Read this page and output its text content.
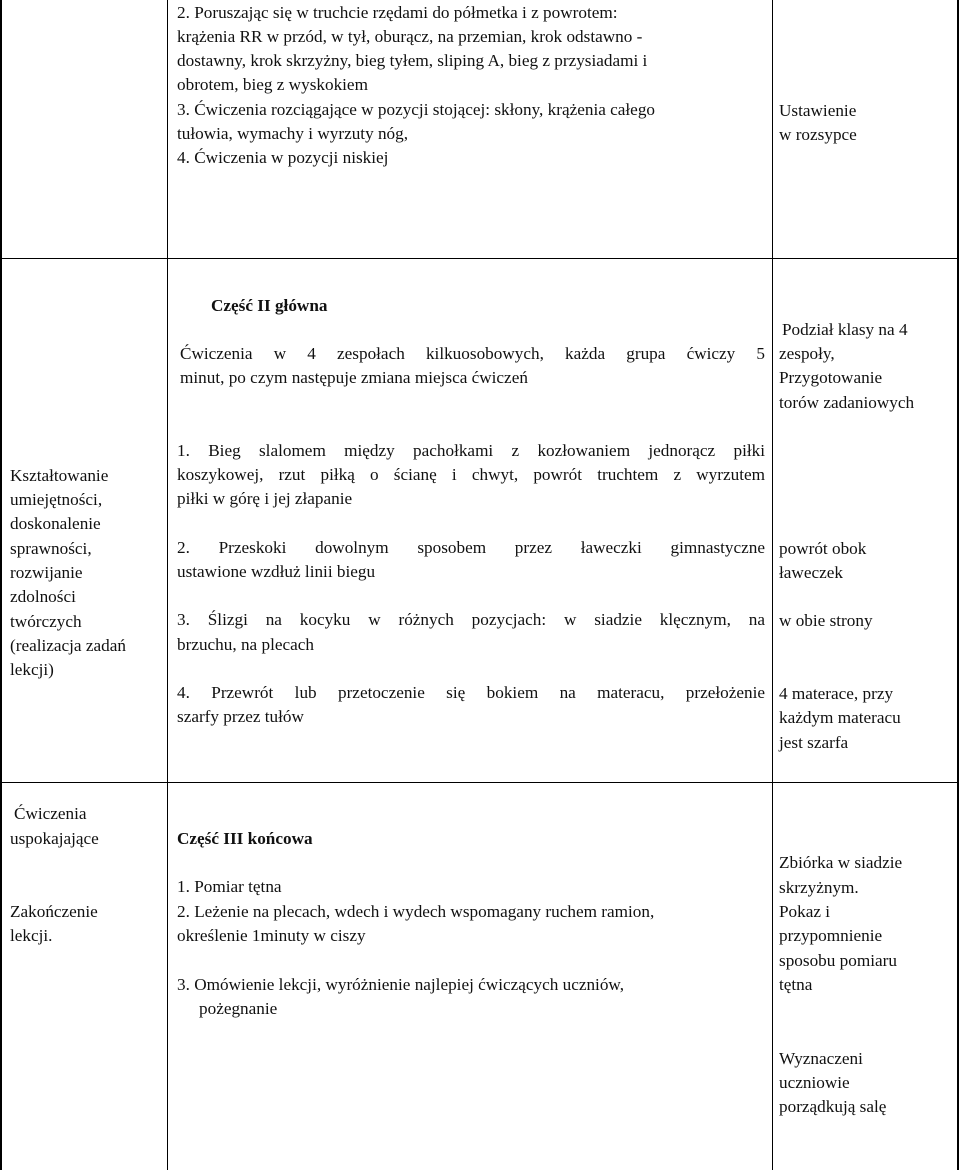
2. Poruszając się w truchcie rzędami do półmetka i z powrotem:
krążenia RR w przód, w tył, oburącz, na przemian, krok odstawno -
dostawny, krok skrzyżny, bieg tyłem, sliping A, bieg z przysiadami i
obrotem, bieg z wyskokiem
3. Ćwiczenia rozciągające w pozycji stojącej: skłony, krążenia całego
tułowia, wymachy i wyrzuty nóg,
4. Ćwiczenia w pozycji niskiej
Ustawienie
w rozsypce
Kształtowanie
umiejętności,
doskonalenie
sprawności,
rozwijanie
zdolności
twórczych
(realizacja zadań
lekcji)
Część II główna
Ćwiczenia w 4 zespołach kilkuosobowych, każda grupa ćwiczy 5
minut, po czym następuje zmiana miejsca ćwiczeń
1. Bieg slalomem między pachołkami z kozłowaniem jednorącz piłki
koszykowej, rzut piłką o ścianę i chwyt, powrót truchtem z wyrzutem
piłki w górę i jej złapanie
2. Przeskoki dowolnym sposobem przez ławeczki gimnastyczne
ustawione wzdłuż linii biegu
3. Ślizgi na kocyku w różnych pozycjach: w siadzie klęcznym, na
brzuchu, na plecach
4. Przewrót lub przetoczenie się bokiem na materacu, przełożenie
szarfy przez tułów
Podział klasy na 4
zespoły,
Przygotowanie
torów zadaniowych
powrót obok
ławeczek
w obie strony
4 materace, przy
każdym materacu
jest szarfa
Ćwiczenia
uspokajające
Zakończenie
lekcji.
Część III końcowa
1. Pomiar tętna
2. Leżenie na plecach, wdech i wydech wspomagany ruchem ramion,
określenie 1minuty w ciszy
3. Omówienie lekcji, wyróżnienie najlepiej ćwiczących uczniów,
pożegnanie
Zbiórka w siadzie
skrzyżnym.
Pokaz i
przypomnienie
sposobu pomiaru
tętna
Wyznaczeni
uczniowie
porządkują salę
